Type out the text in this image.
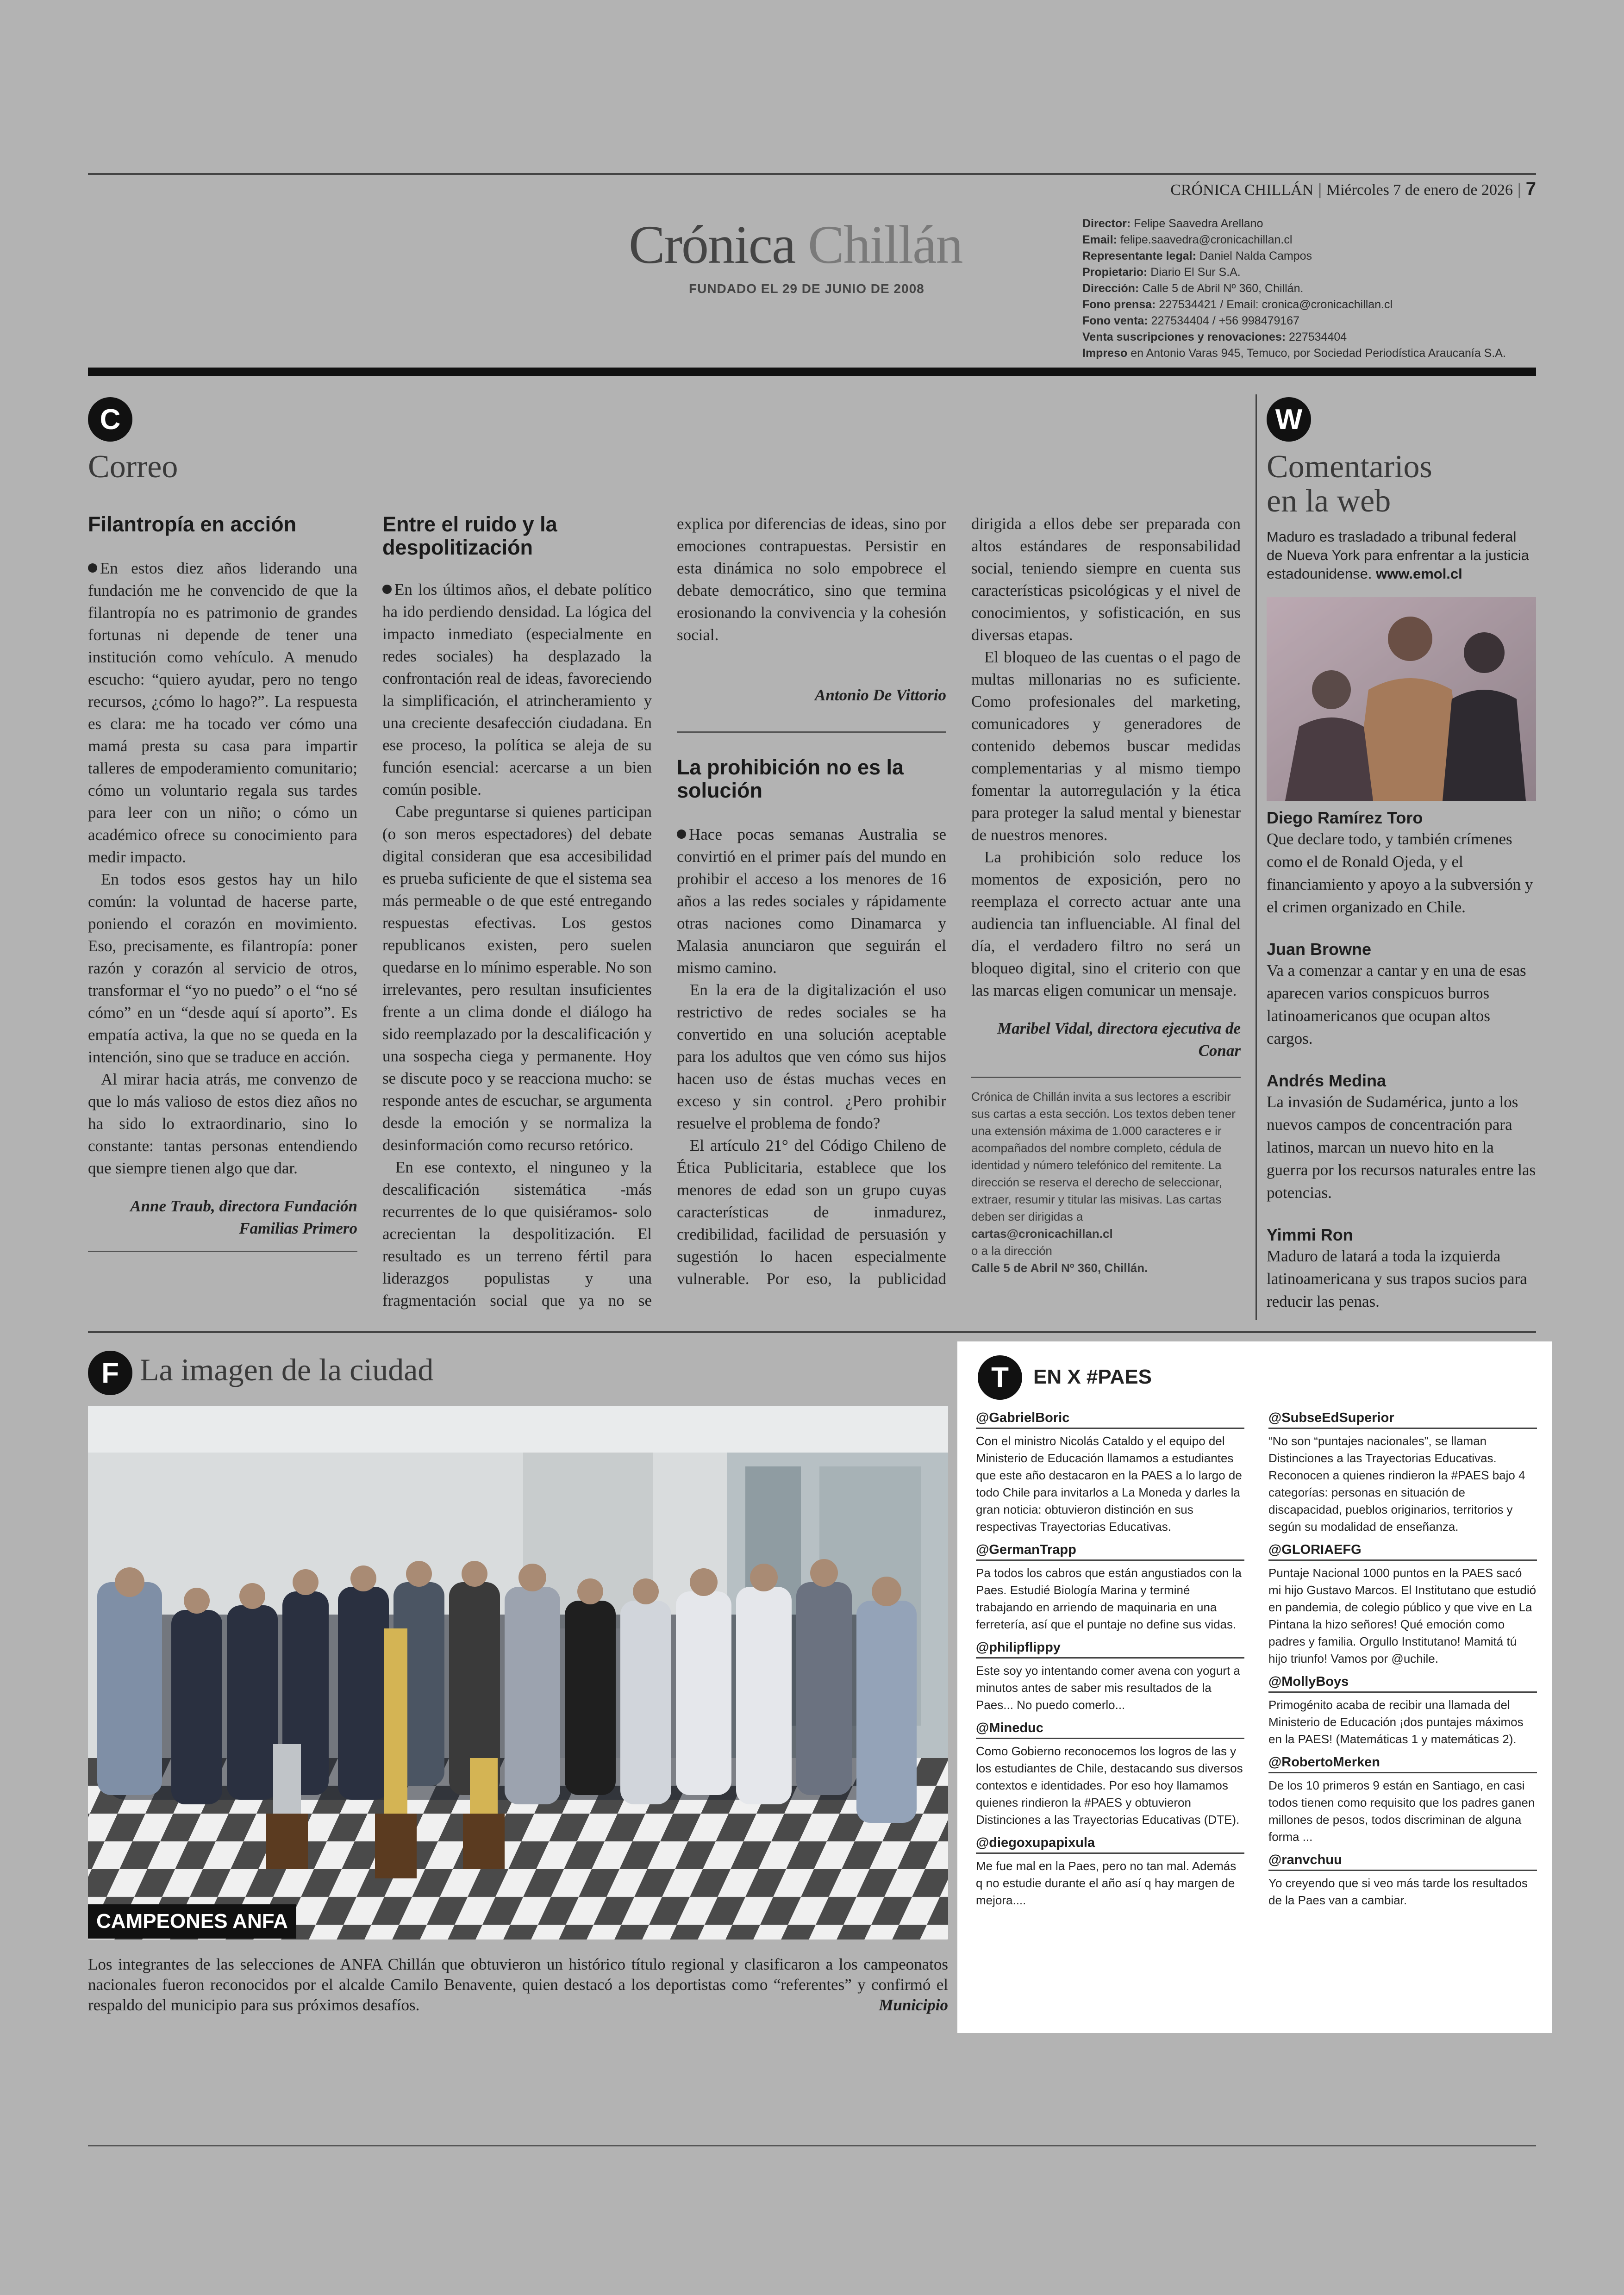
CRÓNICA CHILLÁN | Miércoles 7 de enero de 2026 | 7
Crónica Chillán
FUNDADO EL 29 DE JUNIO DE 2008
Director: Felipe Saavedra Arellano
Email: felipe.saavedra@cronicachillan.cl
Representante legal: Daniel Nalda Campos
Propietario: Diario El Sur S.A.
Dirección: Calle 5 de Abril Nº 360, Chillán.
Fono prensa: 227534421 / Email: cronica@cronicachillan.cl
Fono venta: 227534404 / +56 998479167
Venta suscripciones y renovaciones: 227534404
Impreso en Antonio Varas 945, Temuco, por Sociedad Periodística Araucanía S.A.
C
Correo
Filantropía en acción

En estos diez años liderando una fundación me he convencido de que la filantropía no es patrimonio de grandes fortunas ni depende de tener una institución como vehículo. A menudo escucho: “quiero ayudar, pero no tengo recursos, ¿cómo lo hago?”. La respuesta es clara: me ha tocado ver cómo una mamá presta su casa para impartir talleres de empoderamiento comunitario; cómo un voluntario regala sus tardes para leer con un niño; o cómo un académico ofrece su conocimiento para medir impacto.

En todos esos gestos hay un hilo común: la voluntad de hacerse parte, poniendo el corazón en movimiento. Eso, precisamente, es filantropía: poner razón y corazón al servicio de otros, transformar el “yo no puedo” o el “no sé cómo” en un “desde aquí sí aporto”. Es empatía activa, la que no se queda en la intención, sino que se traduce en acción.

Al mirar hacia atrás, me convenzo de que lo más valioso de estos diez años no ha sido lo extraordinario, sino lo constante: tantas personas entendiendo que siempre tienen algo que dar.

Anne Traub, directora Fundación
Familias Primero
Entre el ruido y la despolitización

En los últimos años, el debate político ha ido perdiendo densidad. La lógica del impacto inmediato (especialmente en redes sociales) ha desplazado la confrontación real de ideas, favoreciendo la simplificación, el atrincheramiento y una creciente desafección ciudadana. En ese proceso, la política se aleja de su función esencial: acercarse a un bien común posible.

Cabe preguntarse si quienes participan (o son meros espectadores) del debate digital consideran que esa accesibilidad es prueba suficiente de que el sistema sea más permeable o de que esté entregando respuestas efectivas. Los gestos republicanos existen, pero suelen quedarse en lo mínimo esperable. No son irrelevantes, pero resultan insuficientes frente a un clima donde el diálogo ha sido reemplazado por la descalificación y una sospecha ciega y permanente. Hoy se discute poco y se reacciona mucho: se responde antes de escuchar, se argumenta desde la emoción y se normaliza la desinformación como recurso retórico.

En ese contexto, el ninguneo y la descalificación sistemática -más recurrentes de lo que quisiéramos- solo acrecientan la despolitización. El resultado es un terreno fértil para liderazgos populistas y una fragmentación social que ya no se

explica por diferencias de ideas, sino por emociones contrapuestas. Persistir en esta dinámica no solo empobrece el debate democrático, sino que termina erosionando la convivencia y la cohesión social.

Antonio De Vittorio
La prohibición no es la solución

Hace pocas semanas Australia se convirtió en el primer país del mundo en prohibir el acceso a los menores de 16 años a las redes sociales y rápidamente otras naciones como Dinamarca y Malasia anunciaron que seguirán el mismo camino.

En la era de la digitalización el uso restrictivo de redes sociales se ha convertido en una solución aceptable para los adultos que ven cómo sus hijos hacen uso de éstas muchas veces en exceso y sin control. ¿Pero prohibir resuelve el problema de fondo?

El artículo 21° del Código Chileno de Ética Publicitaria, establece que los menores de edad son un grupo cuyas características de inmadurez, credibilidad, facilidad de persuasión y sugestión lo hacen especialmente vulnerable. Por eso, la publicidad

dirigida a ellos debe ser preparada con altos estándares de responsabilidad social, teniendo siempre en cuenta sus características psicológicas y el nivel de conocimientos, y sofisticación, en sus diversas etapas.

El bloqueo de las cuentas o el pago de multas millonarias no es suficiente. Como profesionales del marketing, comunicadores y generadores de contenido debemos buscar medidas complementarias y al mismo tiempo fomentar la autorregulación y la ética para proteger la salud mental y bienestar de nuestros menores.

La prohibición solo reduce los momentos de exposición, pero no reemplaza el correcto actuar ante una audiencia tan influenciable. Al final del día, el verdadero filtro no será un bloqueo digital, sino el criterio con que las marcas eligen comunicar un mensaje.

Maribel Vidal, directora ejecutiva de
Conar
Crónica de Chillán invita a sus lectores a escribir sus cartas a esta sección. Los textos deben tener una extensión máxima de 1.000 caracteres e ir acompañados del nombre completo, cédula de identidad y número telefónico del remitente. La dirección se reserva el derecho de seleccionar, extraer, resumir y titular las misivas. Las cartas deben ser dirigidas a
cartas@cronicachillan.cl
o a la dirección
Calle 5 de Abril Nº 360, Chillán.
W
Comentarios
en la web
Maduro es trasladado a tribunal federal de Nueva York para enfrentar a la justicia estadounidense. www.emol.cl

Diego Ramírez Toro

Que declare todo, y también crímenes como el de Ronald Ojeda, y el financiamiento y apoyo a la subversión y el crimen organizado en Chile.

Juan Browne

Va a comenzar a cantar y en una de esas aparecen varios conspicuos burros latinoamericanos que ocupan altos cargos.

Andrés Medina

La invasión de Sudamérica, junto a los nuevos campos de concentración para latinos, marcan un nuevo hito en la guerra por los recursos naturales entre las potencias.

Yimmi Ron

Maduro de latará a toda la izquierda latinoamericana y sus trapos sucios para reducir las penas.

F La imagen de la ciudad
CAMPEONES ANFA
Los integrantes de las selecciones de ANFA Chillán que obtuvieron un histórico título regional y clasificaron a los campeonatos nacionales fueron reconocidos por el alcalde Camilo Benavente, quien destacó a los deportistas como “referentes” y confirmó el respaldo del municipio para sus próximos desafíos.	Municipio
T	EN X #PAES
@GabrielBoric
Con el ministro Nicolás Cataldo y el equipo del Ministerio de Educación llamamos a estudiantes que este año destacaron en la PAES a lo largo de todo Chile para invitarlos a La Moneda y darles la gran noticia: obtuvieron distinción en sus respectivas Trayectorias Educativas.
@GermanTrapp
Pa todos los cabros que están angustiados con la Paes. Estudié Biología Marina y terminé trabajando en arriendo de maquinaria en una ferretería, así que el puntaje no define sus vidas.
@philipflippy
Este soy yo intentando comer avena con yogurt a minutos antes de saber mis resultados de la Paes... No puedo comerlo...
@Mineduc
Como Gobierno reconocemos los logros de las y los estudiantes de Chile, destacando sus diversos contextos e identidades. Por eso hoy llamamos quienes rindieron la #PAES y obtuvieron Distinciones a las Trayectorias Educativas (DTE).
@diegoxupapixula
Me fue mal en la Paes, pero no tan mal. Además q no estudie durante el año así q hay margen de mejora....
@SubseEdSuperior
“No son “puntajes nacionales”, se llaman Distinciones a las Trayectorias Educativas. Reconocen a quienes rindieron la #PAES bajo 4 categorías: personas en situación de discapacidad, pueblos originarios, territorios y según su modalidad de enseñanza.
@GLORIAEFG
Puntaje Nacional 1000 puntos en la PAES sacó mi hijo Gustavo Marcos. El Institutano que estudió en pandemia, de colegio público y que vive en La Pintana la hizo señores! Qué emoción como padres y familia. Orgullo Institutano! Mamitá tú hijo triunfo! Vamos por @uchile.
@MollyBoys
Primogénito acaba de recibir una llamada del Ministerio de Educación ¡dos puntajes máximos en la PAES! (Matemáticas 1 y matemáticas 2).
@RobertoMerken
De los 10 primeros 9 están en Santiago, en casi todos tienen como requisito que los padres ganen millones de pesos, todos discriminan de alguna forma ...
@ranvchuu
Yo creyendo que si veo más tarde los resultados de la Paes van a cambiar.
